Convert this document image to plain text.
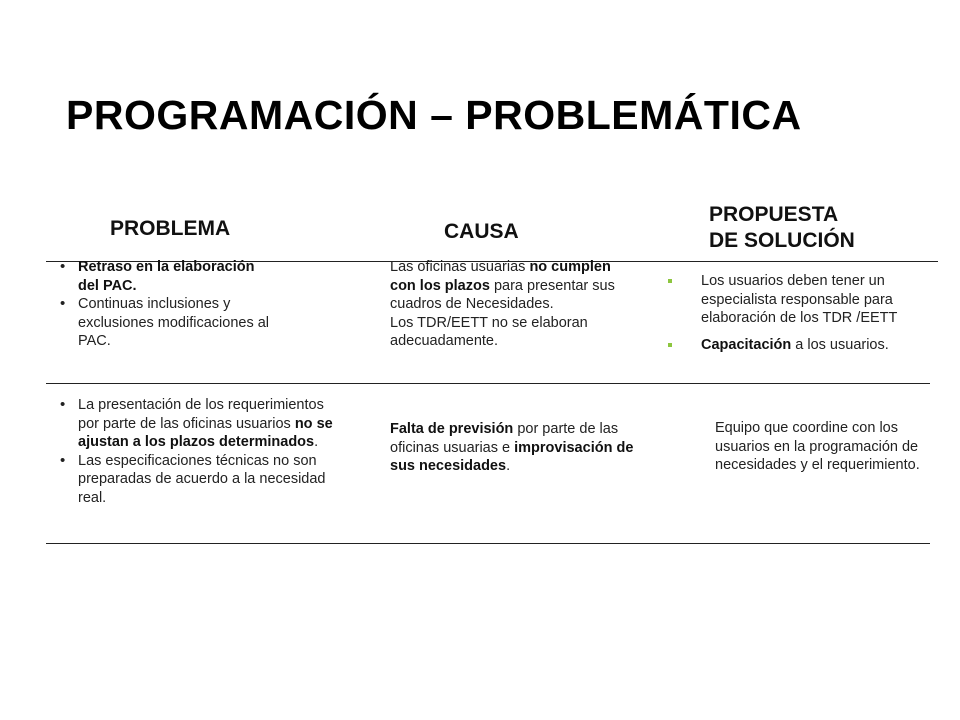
PROGRAMACIÓN – PROBLEMÁTICA
PROBLEMA	CAUSA
PROPUESTA
DE SOLUCIÓN
• Retraso en la elaboración del PAC.
• Continuas inclusiones y exclusiones modificaciones al PAC.

Las oficinas usuarias no cumplen con los plazos para presentar sus cuadros de Necesidades.

Los TDR/EETT no se elaboran adecuadamente.

Los usuarios deben tener un especialista responsable para elaboración de los TDR /EETT
Capacitación a los usuarios.
• La presentación de los requerimientos por parte de las oficinas usuarios no se ajustan a los plazos determinados.
• Las especificaciones técnicas no son preparadas de acuerdo a la necesidad real.

Falta de previsión por parte de las oficinas usuarias e improvisación de sus necesidades.

Equipo que coordine con los usuarios en la programación de necesidades y el requerimiento.
